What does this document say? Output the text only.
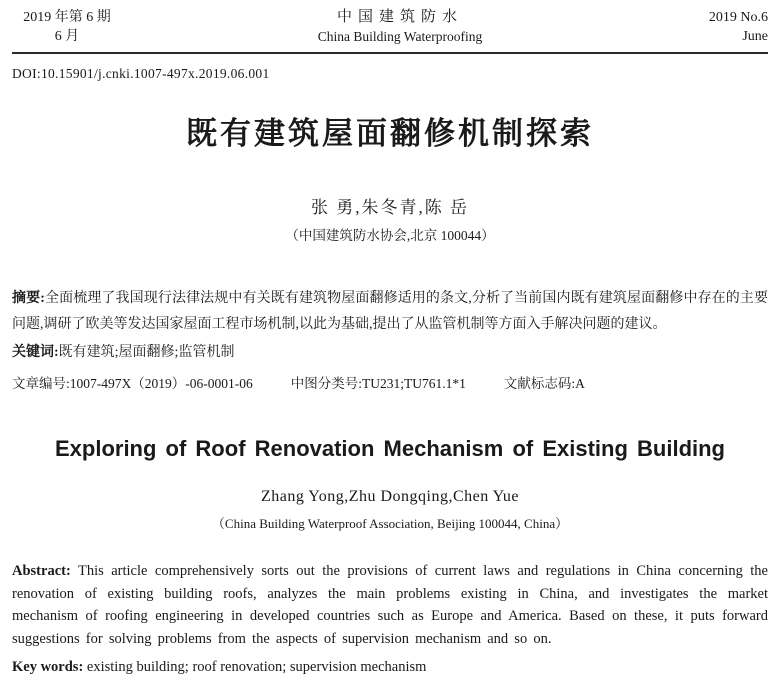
2019 年第 6 期
6 月
中国建筑防水
China Building Waterproofing
2019 No.6
June
DOI:10.15901/j.cnki.1007-497x.2019.06.001
既有建筑屋面翻修机制探索
张 勇,朱冬青,陈 岳
（中国建筑防水协会,北京 100044）

摘要:全面梳理了我国现行法律法规中有关既有建筑物屋面翻修适用的条文,分析了当前国内既有建筑屋面翻修中存在的主要问题,调研了欧美等发达国家屋面工程市场机制,以此为基础,提出了从监管机制等方面入手解决问题的建议。

关键词:既有建筑;屋面翻修;监管机制

文章编号:1007-497X（2019）-06-0001-06	中图分类号:TU231;TU761.1*1	文献标志码:A
Exploring of Roof Renovation Mechanism of Existing Building
Zhang Yong,Zhu Dongqing,Chen Yue
（China Building Waterproof Association, Beijing 100044, China）

Abstract: This article comprehensively sorts out the provisions of current laws and regulations in China concerning the renovation of existing building roofs, analyzes the main problems existing in China, and investigates the market mechanism of roofing engineering in developed countries such as Europe and America. Based on these, it puts forward suggestions for solving problems from the aspects of supervision mechanism and so on.

Key words: existing building; roof renovation; supervision mechanism
